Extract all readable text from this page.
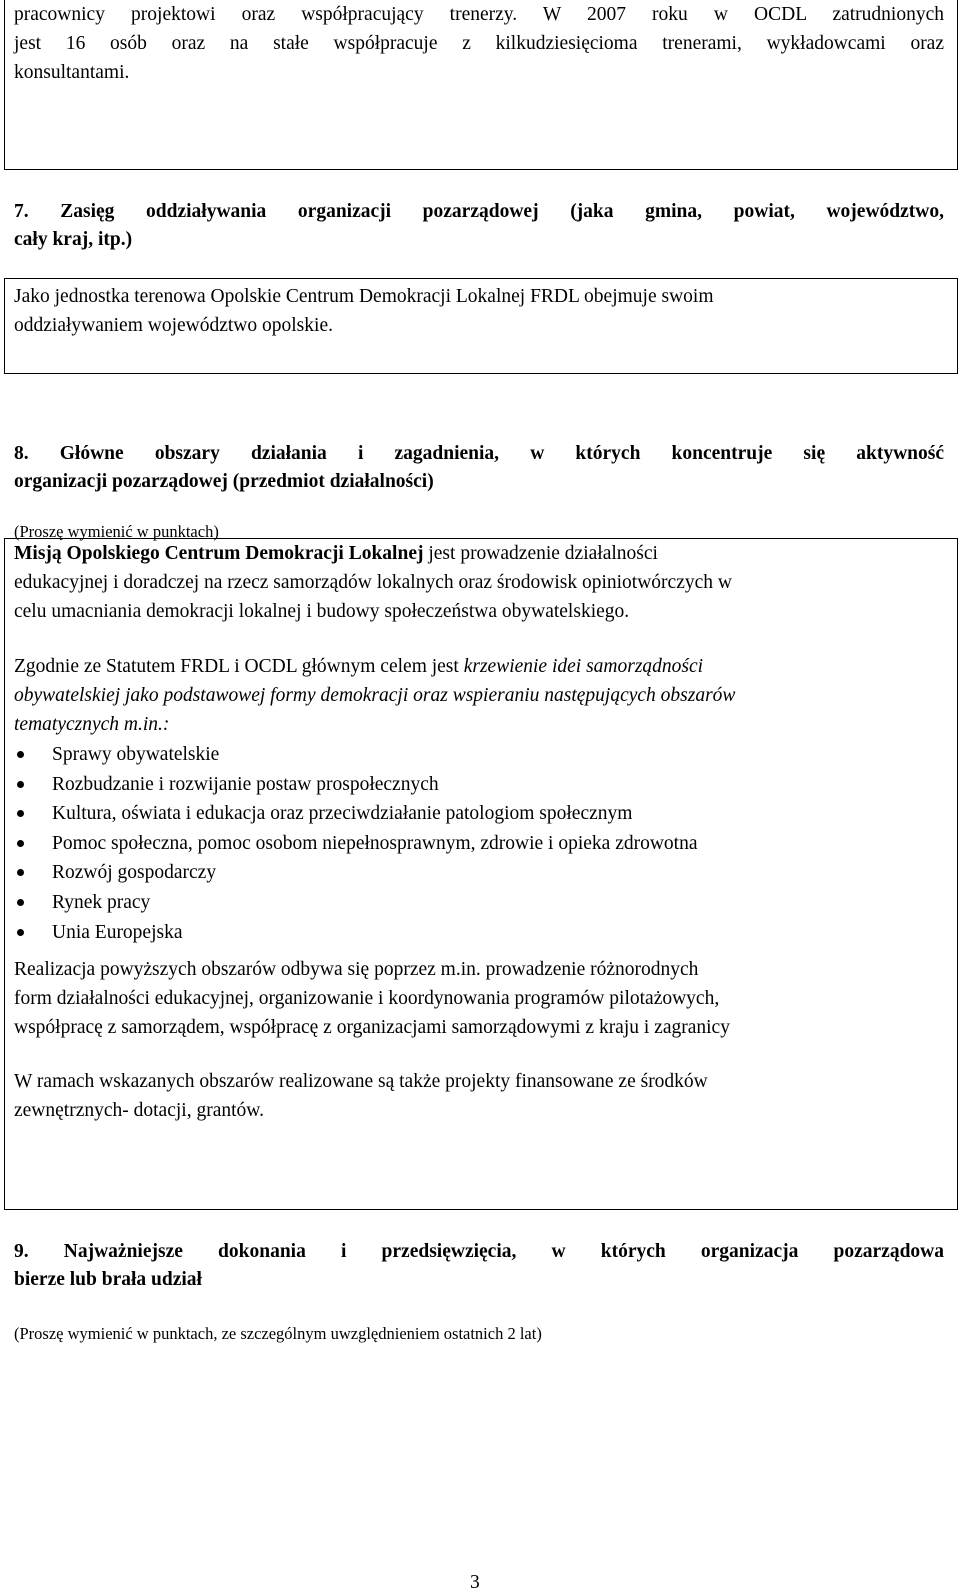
pracownicy projektowi oraz współpracujący trenerzy. W 2007 roku w OCDL zatrudnionych
jest 16 osób oraz na stałe współpracuje z kilkudziesięcioma trenerami, wykładowcami oraz
konsultantami.

7. Zasięg oddziaływania organizacji pozarządowej (jaka gmina, powiat, województwo,
cały kraj, itp.)

Jako jednostka terenowa Opolskie Centrum Demokracji Lokalnej FRDL obejmuje swoim
oddziaływaniem województwo opolskie.

8. Główne obszary działania i zagadnienia, w których koncentruje się aktywność
organizacji pozarządowej (przedmiot działalności)

(Proszę wymienić w punktach)

Misją Opolskiego Centrum Demokracji Lokalnej jest prowadzenie działalności
edukacyjnej i doradczej na rzecz samorządów lokalnych oraz środowisk opiniotwórczych w
celu umacniania demokracji lokalnej i budowy społeczeństwa obywatelskiego.

Zgodnie ze Statutem FRDL i OCDL głównym celem jest krzewienie idei samorządności
obywatelskiej jako podstawowej formy demokracji oraz wspieraniu następujących obszarów
tematycznych m.in.:

Sprawy obywatelskie
Rozbudzanie i rozwijanie postaw prospołecznych
Kultura, oświata i edukacja oraz przeciwdziałanie patologiom społecznym
Pomoc społeczna, pomoc osobom niepełnosprawnym, zdrowie i opieka zdrowotna
Rozwój gospodarczy
Rynek pracy
Unia Europejska

Realizacja powyższych obszarów odbywa się poprzez m.in. prowadzenie różnorodnych
form działalności edukacyjnej, organizowanie i koordynowania programów pilotażowych,
współpracę z samorządem, współpracę z organizacjami samorządowymi z kraju i zagranicy

W ramach wskazanych obszarów realizowane są także projekty finansowane ze środków
zewnętrznych- dotacji, grantów.

9. Najważniejsze dokonania i przedsięwzięcia, w których organizacja pozarządowa
bierze lub brała udział

(Proszę wymienić w punktach, ze szczególnym uwzględnieniem ostatnich 2 lat)

3
